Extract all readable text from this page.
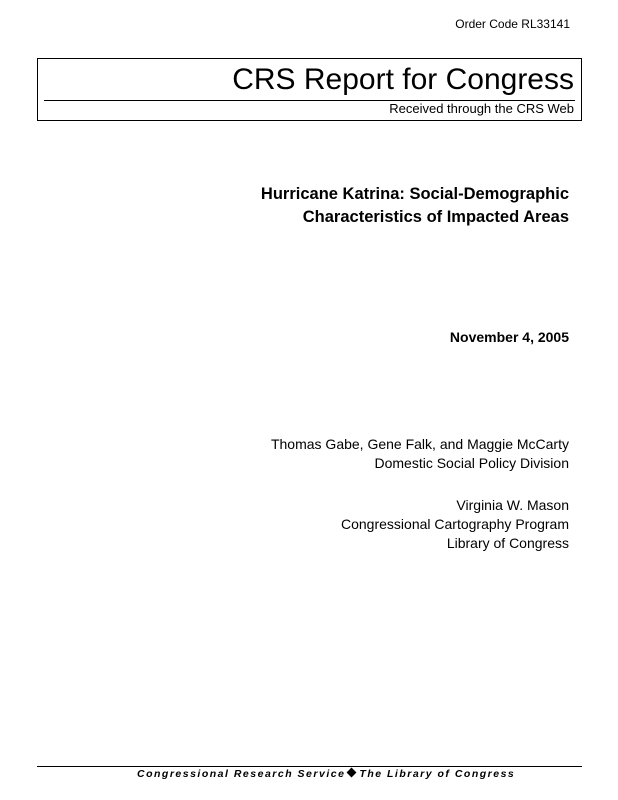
Order Code RL33141
CRS Report for Congress
Received through the CRS Web
Hurricane Katrina: Social-Demographic
Characteristics of Impacted Areas
November 4, 2005
Thomas Gabe, Gene Falk, and Maggie McCarty
Domestic Social Policy Division
Virginia W. Mason
Congressional Cartography Program
Library of Congress
Congressional Research Service The Library of Congress
